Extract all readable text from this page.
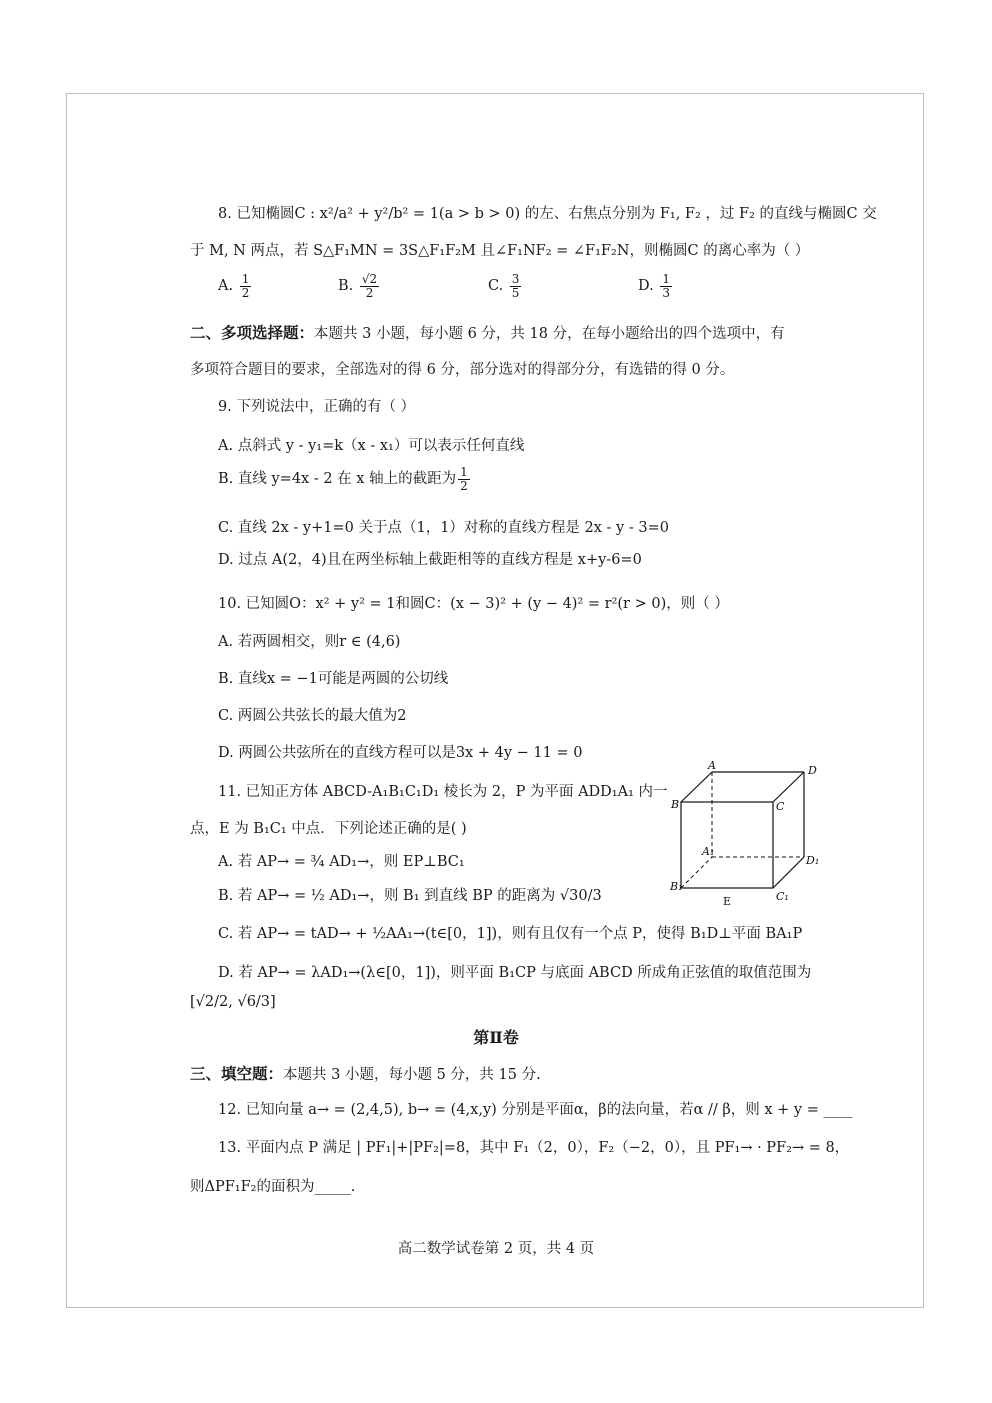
8. 已知椭圆C : x²/a² + y²/b² = 1(a > b > 0) 的左、右焦点分别为 F₁, F₂ ，过 F₂ 的直线与椭圆C 交
于 M, N 两点，若 S△F₁MN = 3S△F₁F₂M 且∠F₁NF₂ = ∠F₁F₂N，则椭圆C 的离心率为（ ）
A. $\frac{1}{2}$	B. $\frac{√2}{2}$	C. $\frac{3}{5}$	D. $\frac{1}{3}$
二、多项选择题：本题共 3 小题，每小题 6 分，共 18 分，在每小题给出的四个选项中，有
多项符合题目的要求，全部选对的得 6 分，部分选对的得部分分，有选错的得 0 分。
9. 下列说法中，正确的有（ ）
A. 点斜式 y - y₁=k（x - x₁）可以表示任何直线
B. 直线 y=4x - 2 在 x 轴上的截距为 $\frac{1}{2}$
C. 直线 2x - y+1=0 关于点（1，1）对称的直线方程是 2x - y - 3=0
D. 过点 A(2，4)且在两坐标轴上截距相等的直线方程是 x+y-6=0
10. 已知圆O：x² + y² = 1和圆C：(x − 3)² + (y − 4)² = r²(r > 0)，则（ ）
A. 若两圆相交，则r ∈ (4,6)
B. 直线x = −1可能是两圆的公切线
C. 两圆公共弦长的最大值为2
D. 两圆公共弦所在的直线方程可以是3x + 4y − 11 = 0
11. 已知正方体 ABCD-A₁B₁C₁D₁ 棱长为 2，P 为平面 ADD₁A₁ 内一
点，E 为 B₁C₁ 中点．下列论述正确的是( )
A. 若 AP→ = ¾ AD₁→，则 EP⊥BC₁
B. 若 AP→ = ½ AD₁→，则 B₁ 到直线 BP 的距离为 √30/3
C. 若 AP→ = tAD→ + ½AA₁→(t∈[0，1])，则有且仅有一个点 P，使得 B₁D⊥平面 BA₁P
D. 若 AP→ = λAD₁→(λ∈[0，1])，则平面 B₁CP 与底面 ABCD 所成角正弦值的取值范围为
[√2/2, √6/3]
A	D
B	C
A₁
D₁
B₁
C₁
E
第Ⅱ卷
三、填空题：本题共 3 小题，每小题 5 分，共 15 分.
12. 已知向量 a→ = (2,4,5), b→ = (4,x,y) 分别是平面α，β的法向量，若α // β，则 x + y = ____
13. 平面内点 P 满足 | PF₁|+|PF₂|=8，其中 F₁（2，0），F₂（−2，0），且 PF₁→ · PF₂→ = 8，
则ΔPF₁F₂的面积为_____.
高二数学试卷第 2 页，共 4 页
